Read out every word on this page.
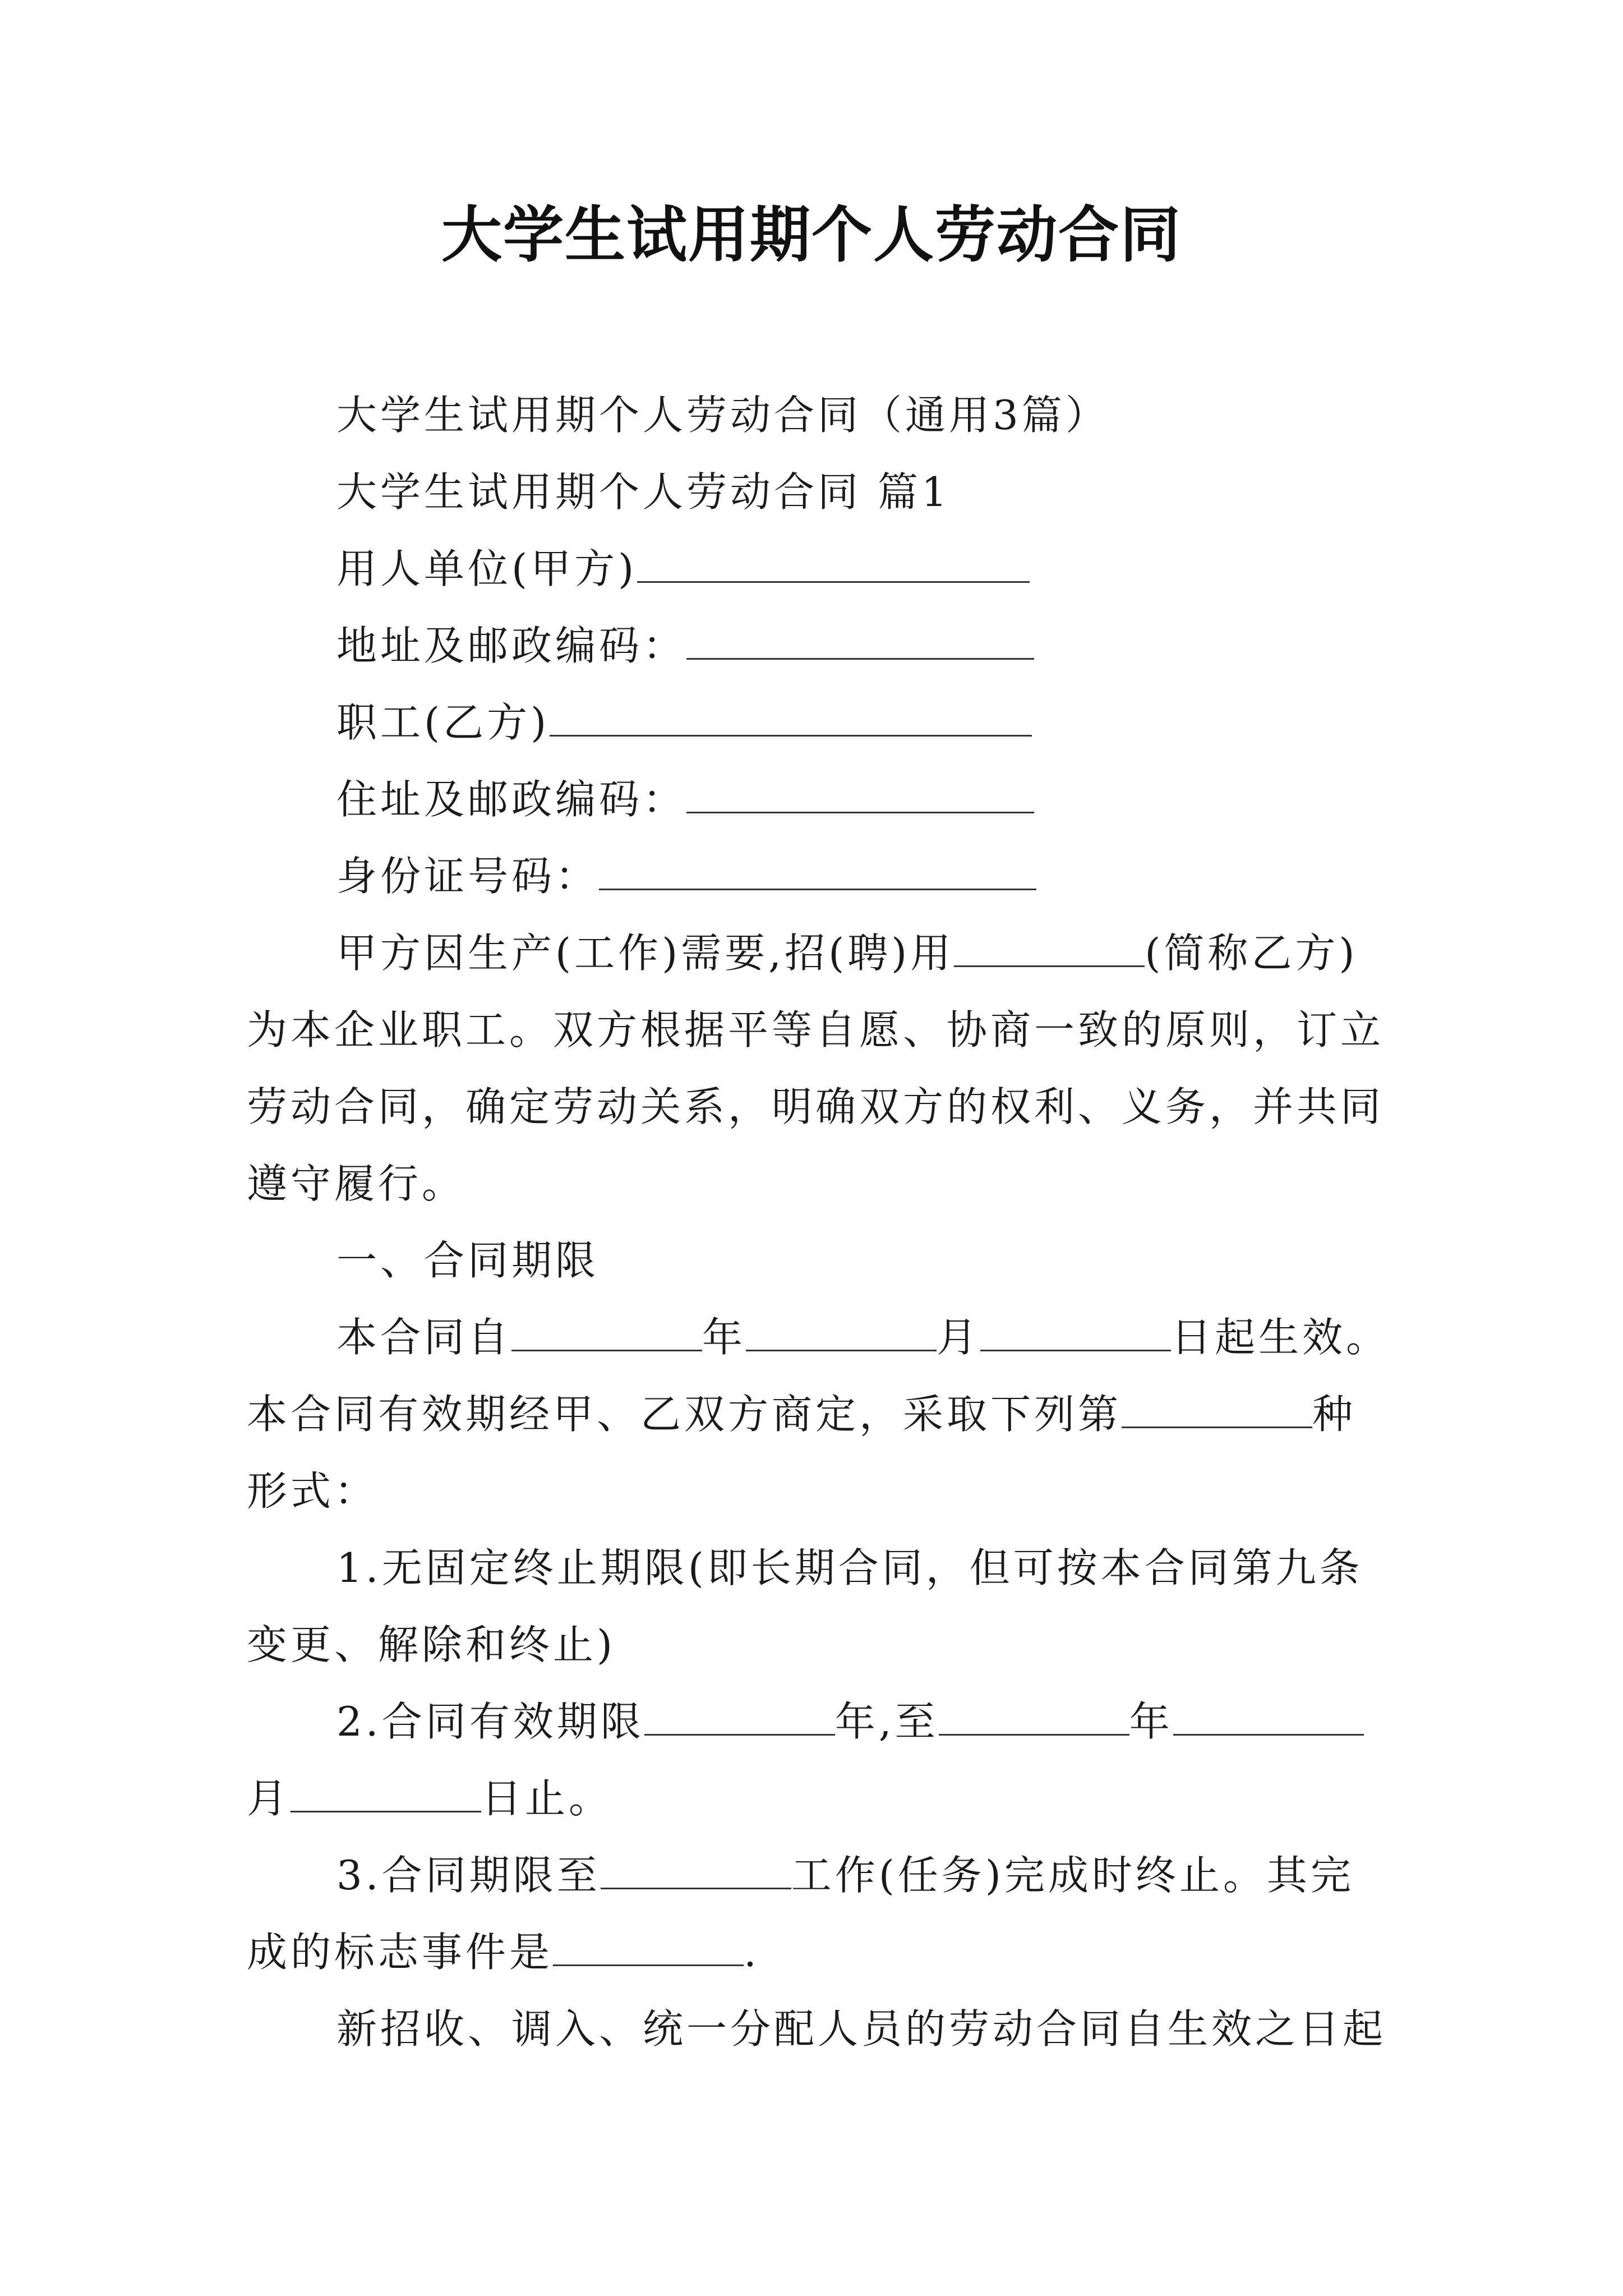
大学生试用期个人劳动合同
大学生试用期个人劳动合同（通用3篇）
大学生试用期个人劳动合同 篇1
用人单位(甲方)
地址及邮政编码：
职工(乙方)
住址及邮政编码：
身份证号码：
甲方因生产(工作)需要,招(聘)用	(简称乙方)
为本企业职工。双方根据平等自愿、协商一致的原则，订立
劳动合同，确定劳动关系，明确双方的权利、义务，并共同
遵守履行。
一、合同期限
本合同自	年	月	日起生效。
本合同有效期经甲、乙双方商定，采取下列第	种
形式：
1.无固定终止期限(即长期合同，但可按本合同第九条
变更、解除和终止)
2.合同有效期限	年,至	年
月	日止。
3.合同期限至	工作(任务)完成时终止。其完
成的标志事件是	.
新招收、调入、统一分配人员的劳动合同自生效之日起
